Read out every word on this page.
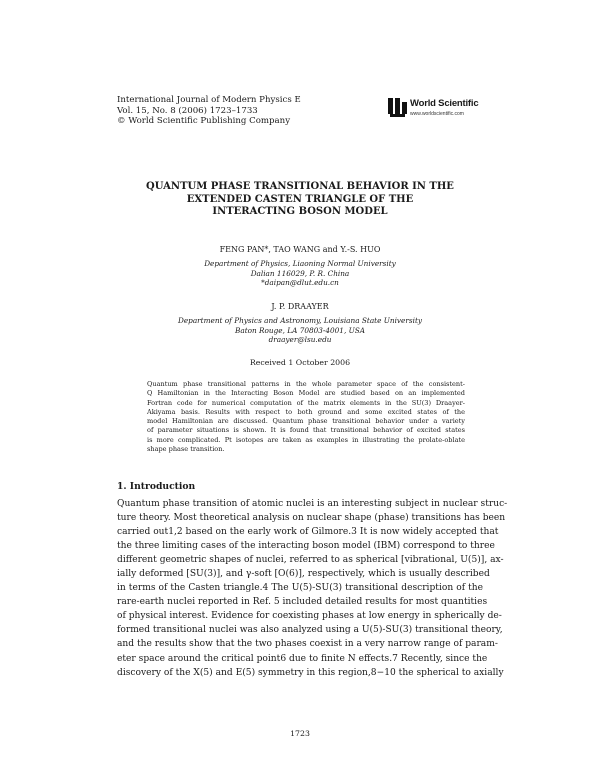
International Journal of Modern Physics E
Vol. 15, No. 8 (2006) 1723–1733
© World Scientific Publishing Company
World Scientific
www.worldscientific.com
QUANTUM PHASE TRANSITIONAL BEHAVIOR IN THE
EXTENDED CASTEN TRIANGLE OF THE
INTERACTING BOSON MODEL
FENG PAN*, TAO WANG and Y.-S. HUO
Department of Physics, Liaoning Normal University
Dalian 116029, P. R. China
*daipan@dlut.edu.cn
J. P. DRAAYER
Department of Physics and Astronomy, Louisiana State University
Baton Rouge, LA 70803-4001, USA
draayer@lsu.edu
Received 1 October 2006
Quantum phase transitional patterns in the whole parameter space of the consistent-
Q Hamiltonian in the Interacting Boson Model are studied based on an implemented
Fortran code for numerical computation of the matrix elements in the SU(3) Draayer-
Akiyama basis. Results with respect to both ground and some excited states of the
model Hamiltonian are discussed. Quantum phase transitional behavior under a variety
of parameter situations is shown. It is found that transitional behavior of excited states
is more complicated. Pt isotopes are taken as examples in illustrating the prolate-oblate
shape phase transition.
1. Introduction
Quantum phase transition of atomic nuclei is an interesting subject in nuclear struc-
ture theory. Most theoretical analysis on nuclear shape (phase) transitions has been
carried out1,2 based on the early work of Gilmore.3 It is now widely accepted that
the three limiting cases of the interacting boson model (IBM) correspond to three
different geometric shapes of nuclei, referred to as spherical [vibrational, U(5)], ax-
ially deformed [SU(3)], and γ-soft [O(6)], respectively, which is usually described
in terms of the Casten triangle.4 The U(5)-SU(3) transitional description of the
rare-earth nuclei reported in Ref. 5 included detailed results for most quantities
of physical interest. Evidence for coexisting phases at low energy in spherically de-
formed transitional nuclei was also analyzed using a U(5)-SU(3) transitional theory,
and the results show that the two phases coexist in a very narrow range of param-
eter space around the critical point6 due to finite N effects.7 Recently, since the
discovery of the X(5) and E(5) symmetry in this region,8−10 the spherical to axially
1723
